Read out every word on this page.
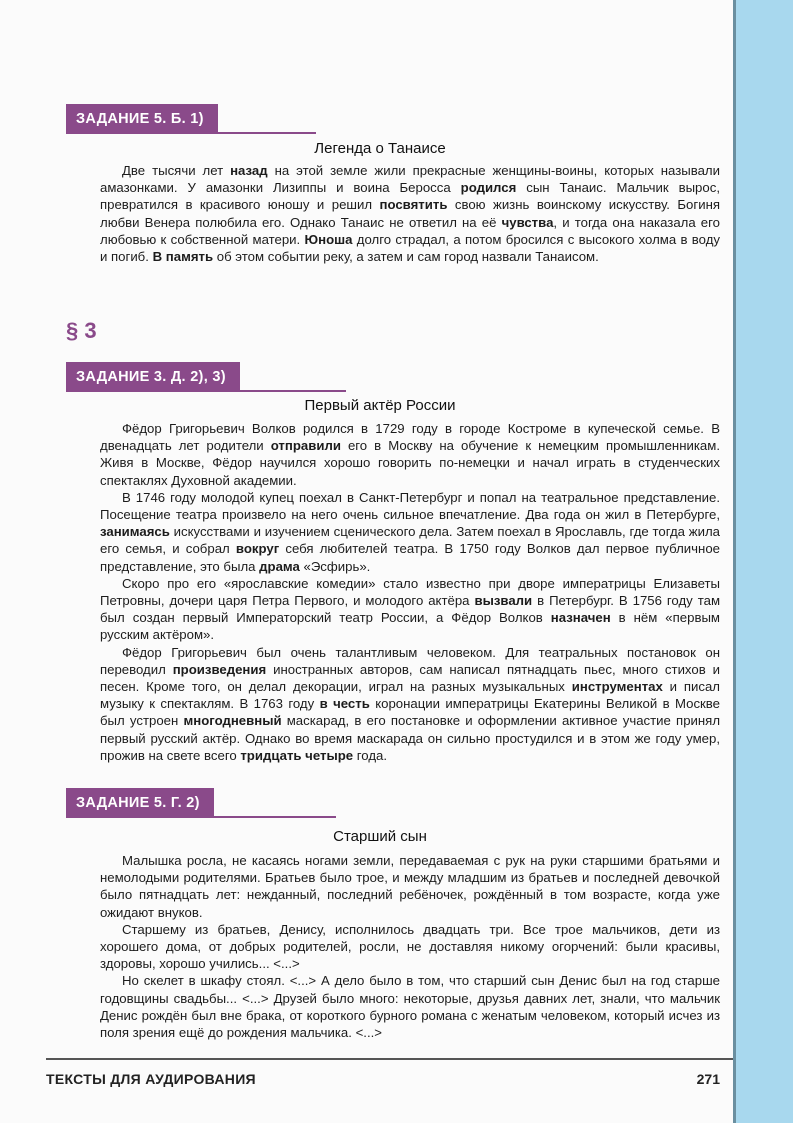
ЗАДАНИЕ 5. Б. 1)
Легенда о Танаисе

Две тысячи лет назад на этой земле жили прекрасные женщины-воины, которых называли амазонками. У амазонки Лизиппы и воина Беросса родился сын Танаис. Мальчик вырос, превратился в красивого юношу и решил посвятить свою жизнь воинскому искусству. Богиня любви Венера полюбила его. Однако Танаис не ответил на её чувства, и тогда она наказала его любовью к собственной матери. Юноша долго страдал, а потом бросился с высокого холма в воду и погиб. В память об этом событии реку, а затем и сам город назвали Танаисом.

§ 3
ЗАДАНИЕ 3. Д. 2), 3)
Первый актёр России

Фёдор Григорьевич Волков родился в 1729 году в городе Костроме в купеческой семье. В двенадцать лет родители отправили его в Москву на обучение к немецким промышленникам. Живя в Москве, Фёдор научился хорошо говорить по-немецки и начал играть в студенческих спектаклях Духовной академии.

В 1746 году молодой купец поехал в Санкт-Петербург и попал на театральное представление. Посещение театра произвело на него очень сильное впечатление. Два года он жил в Петербурге, занимаясь искусствами и изучением сценического дела. Затем поехал в Ярославль, где тогда жила его семья, и собрал вокруг себя любителей театра. В 1750 году Волков дал первое публичное представление, это была драма «Эсфирь».

Скоро про его «ярославские комедии» стало известно при дворе императрицы Елизаветы Петровны, дочери царя Петра Первого, и молодого актёра вызвали в Петербург. В 1756 году там был создан первый Императорский театр России, а Фёдор Волков назначен в нём «первым русским актёром».

Фёдор Григорьевич был очень талантливым человеком. Для театральных постановок он переводил произведения иностранных авторов, сам написал пятнадцать пьес, много стихов и песен. Кроме того, он делал декорации, играл на разных музыкальных инструментах и писал музыку к спектаклям. В 1763 году в честь коронации императрицы Екатерины Великой в Москве был устроен многодневный маскарад, в его постановке и оформлении активное участие принял первый русский актёр. Однако во время маскарада он сильно простудился и в этом же году умер, прожив на свете всего тридцать четыре года.

ЗАДАНИЕ 5. Г. 2)
Старший сын

Малышка росла, не касаясь ногами земли, передаваемая с рук на руки старшими братьями и немолодыми родителями. Братьев было трое, и между младшим из братьев и последней девочкой было пятнадцать лет: нежданный, последний ребёночек, рождённый в том возрасте, когда уже ожидают внуков.

Старшему из братьев, Денису, исполнилось двадцать три. Все трое мальчиков, дети из хорошего дома, от добрых родителей, росли, не доставляя никому огорчений: были красивы, здоровы, хорошо учились... <...>

Но скелет в шкафу стоял. <...> А дело было в том, что старший сын Денис был на год старше годовщины свадьбы... <...> Друзей было много: некоторые, друзья давних лет, знали, что мальчик Денис рождён был вне брака, от короткого бурного романа с женатым человеком, который исчез из поля зрения ещё до рождения мальчика. <...>

ТЕКСТЫ ДЛЯ АУДИРОВАНИЯ	271
